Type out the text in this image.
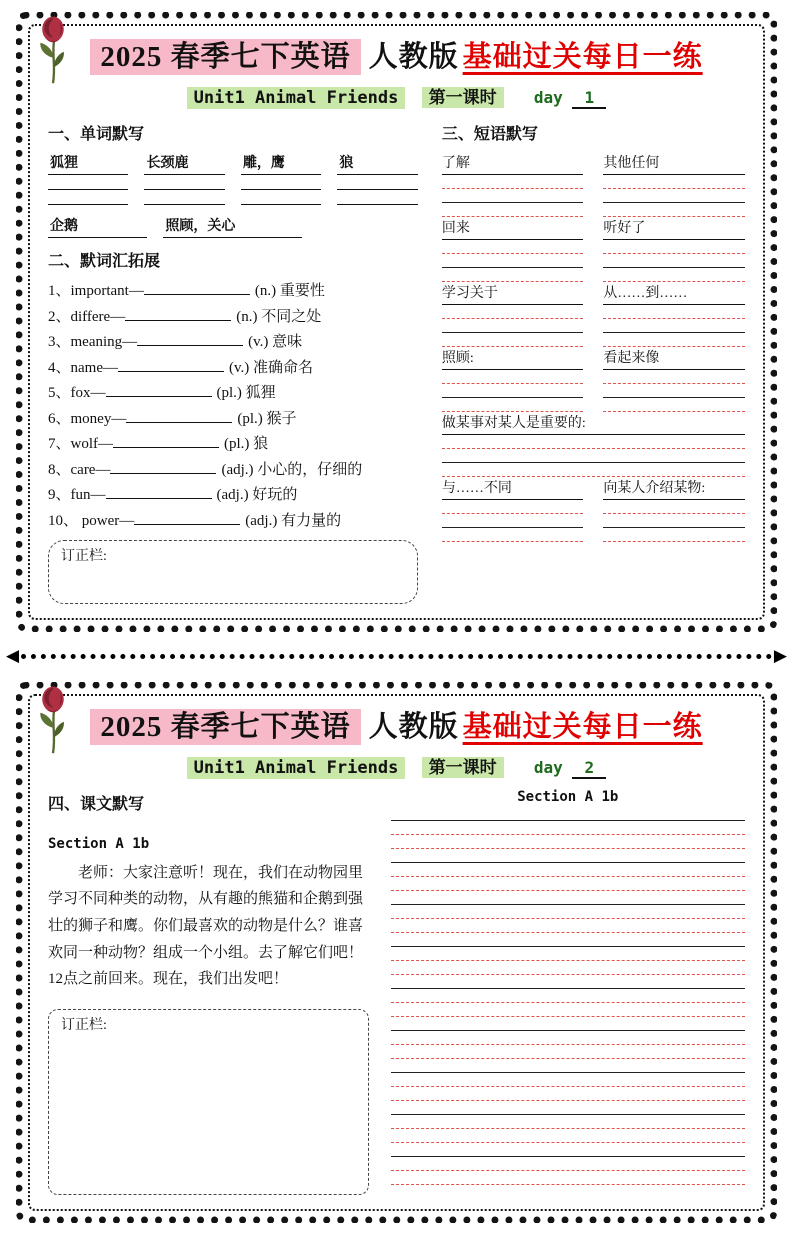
2025 春季七下英语 人教版 基础过关每日一练
Unit1 Animal Friends 第一课时 day 1
一、单词默写
狐狸	长颈鹿	雕，鹰	狼
企鹅	照顾，关心
二、默词汇拓展
1、important—	(n.) 重要性
2、differe—	(n.) 不同之处
3、meaning—	(v.) 意味
4、name—	(v.) 准确命名
5、fox—	(pl.) 狐狸
6、money—	(pl.) 猴子
7、wolf—	(pl.) 狼
8、care—	(adj.) 小心的，仔细的
9、fun—	(adj.) 好玩的
10、 power—	(adj.) 有力量的
订正栏:
三、短语默写
了解	其他任何
回来	听好了
学习关于	从……到……
照顾:	看起来像
做某事对某人是重要的:
与……不同	向某人介绍某物:
◀	▶
2025 春季七下英语 人教版 基础过关每日一练
Unit1 Animal Friends 第一课时 day 2
四、课文默写
Section A 1b
老师：大家注意听！现在，我们在动物园里学习不同种类的动物，从有趣的熊猫和企鹅到强壮的狮子和鹰。你们最喜欢的动物是什么？谁喜欢同一种动物？组成一个小组。去了解它们吧！12点之前回来。现在，我们出发吧！
订正栏:
Section A 1b
